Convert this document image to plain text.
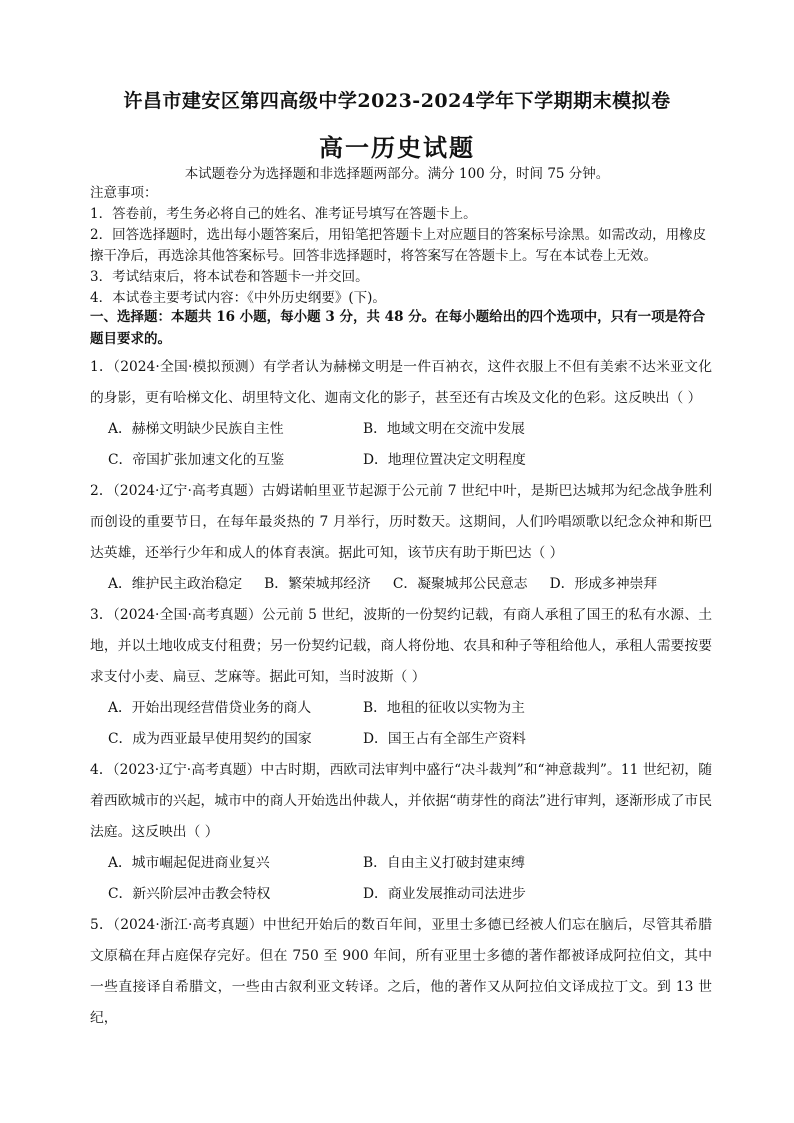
许昌市建安区第四高级中学2023-2024学年下学期期末模拟卷
高一历史试题
本试题卷分为选择题和非选择题两部分。满分 100 分，时间 75 分钟。
注意事项：
1．答卷前，考生务必将自己的姓名、准考证号填写在答题卡上。
2．回答选择题时，选出每小题答案后，用铅笔把答题卡上对应题目的答案标号涂黑。如需改动，用橡皮擦干净后，再选涂其他答案标号。回答非选择题时，将答案写在答题卡上。写在本试卷上无效。
3．考试结束后，将本试卷和答题卡一并交回。
4．本试卷主要考试内容：《中外历史纲要》(下)。
一、选择题：本题共 16 小题，每小题 3 分，共 48 分。在每小题给出的四个选项中，只有一项是符合题目要求的。
1．（2024·全国·模拟预测）有学者认为赫梯文明是一件百衲衣，这件衣服上不但有美索不达米亚文化的身影，更有哈梯文化、胡里特文化、迦南文化的影子，甚至还有古埃及文化的色彩。这反映出（ ）
A．赫梯文明缺少民族自主性	B．地域文明在交流中发展
C．帝国扩张加速文化的互鉴	D．地理位置决定文明程度
2．（2024·辽宁·高考真题）古姆诺帕里亚节起源于公元前 7 世纪中叶，是斯巴达城邦为纪念战争胜利而创设的重要节日，在每年最炎热的 7 月举行，历时数天。这期间，人们吟唱颂歌以纪念众神和斯巴达英雄，还举行少年和成人的体育表演。据此可知，该节庆有助于斯巴达（ ）
A．维护民主政治稳定 B．繁荣城邦经济 C．凝聚城邦公民意志 D．形成多神崇拜
3．（2024·全国·高考真题）公元前 5 世纪，波斯的一份契约记载，有商人承租了国王的私有水源、土地，并以土地收成支付租费；另一份契约记载，商人将份地、农具和种子等租给他人，承租人需要按要求支付小麦、扁豆、芝麻等。据此可知，当时波斯（ ）
A．开始出现经营借贷业务的商人	B．地租的征收以实物为主
C．成为西亚最早使用契约的国家	D．国王占有全部生产资料
4．（2023·辽宁·高考真题）中古时期，西欧司法审判中盛行“决斗裁判”和“神意裁判”。11 世纪初，随着西欧城市的兴起，城市中的商人开始选出仲裁人，并依据“萌芽性的商法”进行审判，逐渐形成了市民法庭。这反映出（ ）
A．城市崛起促进商业复兴	B．自由主义打破封建束缚
C．新兴阶层冲击教会特权	D．商业发展推动司法进步
5．（2024·浙江·高考真题）中世纪开始后的数百年间，亚里士多德已经被人们忘在脑后，尽管其希腊文原稿在拜占庭保存完好。但在 750 至 900 年间，所有亚里士多德的著作都被译成阿拉伯文，其中一些直接译自希腊文，一些由古叙利亚文转译。之后，他的著作又从阿拉伯文译成拉丁文。到 13 世纪，
